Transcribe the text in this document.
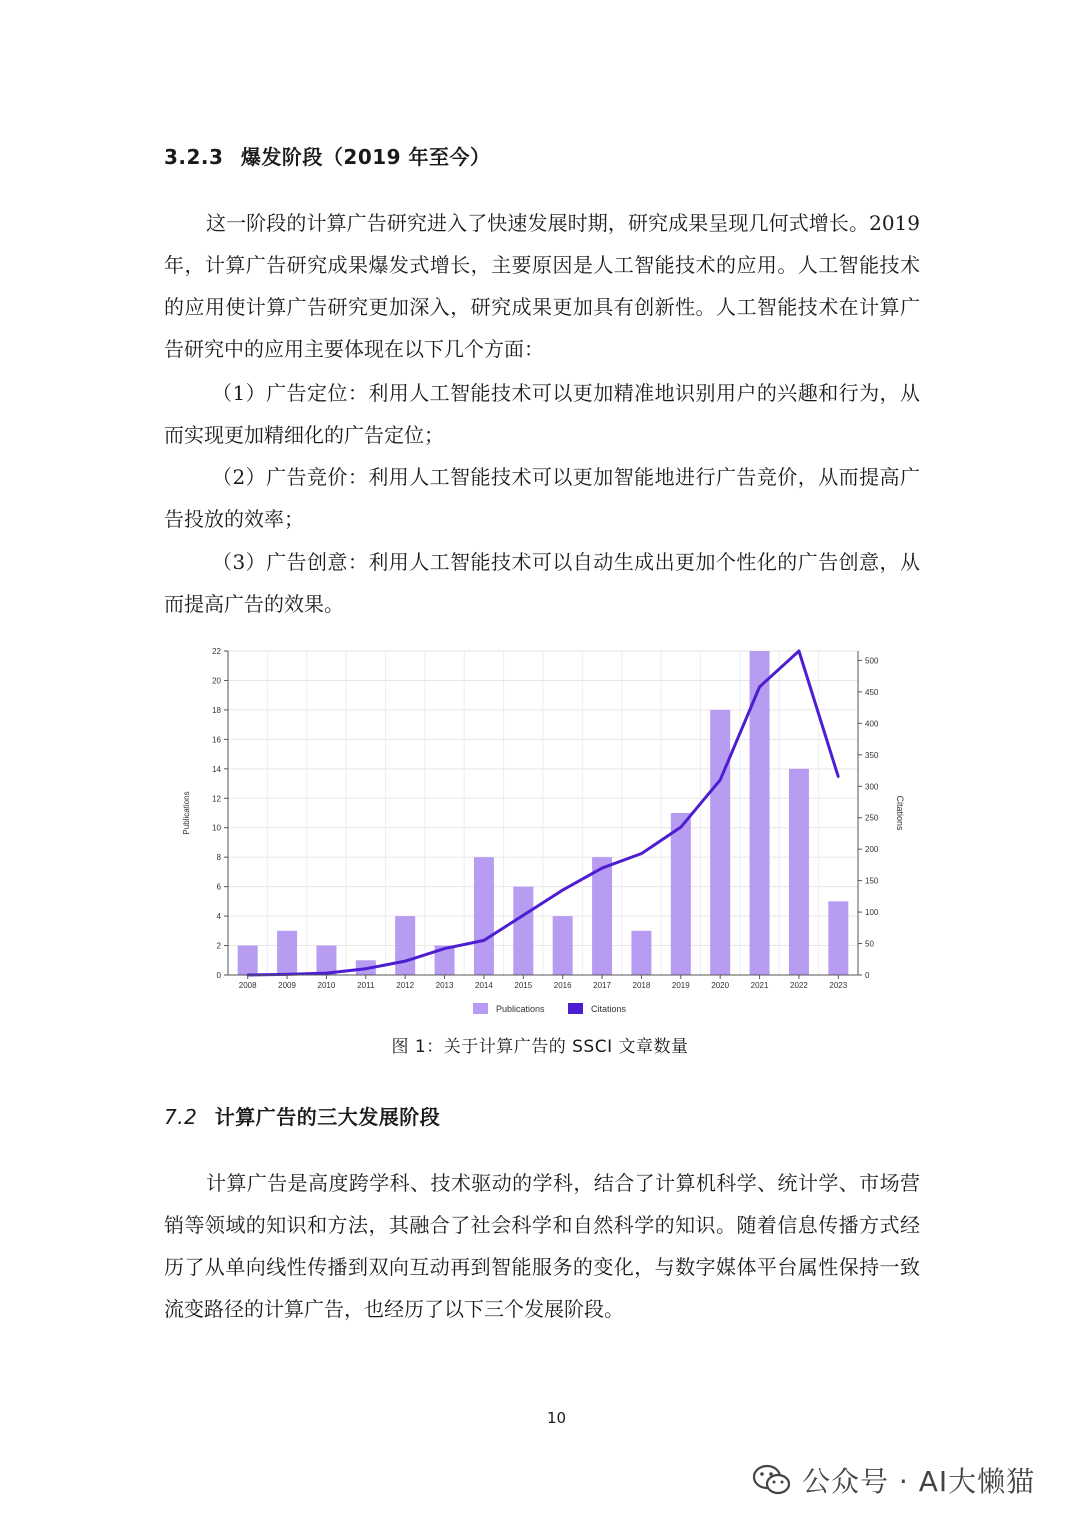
3.2.3 爆发阶段（2019 年至今）
这一阶段的计算广告研究进入了快速发展时期，研究成果呈现几何式增长。2019 年，计算广告研究成果爆发式增长，主要原因是人工智能技术的应用。人工智能技术的应用使计算广告研究更加深入，研究成果更加具有创新性。人工智能技术在计算广告研究中的应用主要体现在以下几个方面：
（1）广告定位：利用人工智能技术可以更加精准地识别用户的兴趣和行为，从而实现更加精细化的广告定位；
（2）广告竞价：利用人工智能技术可以更加智能地进行广告竞价，从而提高广告投放的效率；
（3）广告创意：利用人工智能技术可以自动生成出更加个性化的广告创意，从而提高广告的效果。
0
2
4
6
8
10
12
14
16
18
20
22
0
50
100
150
200
250
300
350
400
450
500
2008	2009	2010	2011	2012	2013	2014	2015	2016	2017	2018	2019	2020	2021	2022	2023
Publications	Citations
Publications	Citations
图 1：关于计算广告的 SSCI 文章数量
7.2 计算广告的三大发展阶段
计算广告是高度跨学科、技术驱动的学科，结合了计算机科学、统计学、市场营销等领域的知识和方法，其融合了社会科学和自然科学的知识。随着信息传播方式经历了从单向线性传播到双向互动再到智能服务的变化，与数字媒体平台属性保持一致流变路径的计算广告，也经历了以下三个发展阶段。
10
公众号 · AI大懒猫
